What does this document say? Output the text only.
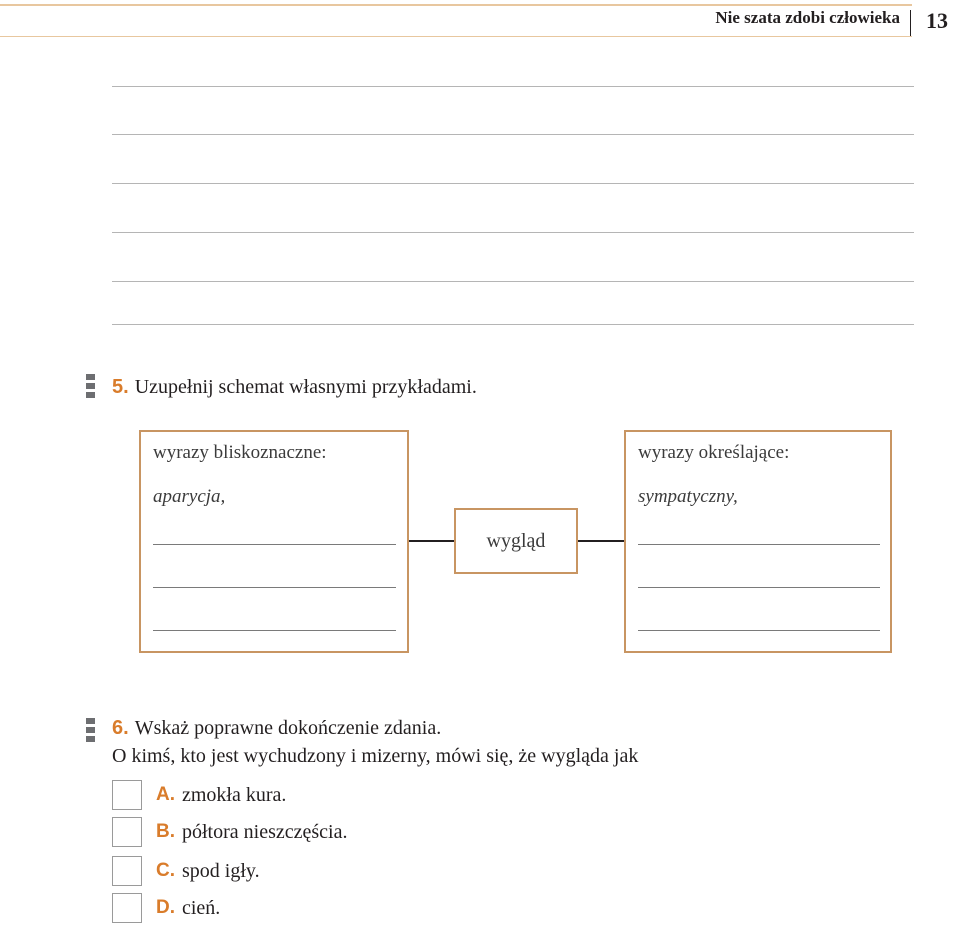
Nie szata zdobi człowieka 13
5. Uzupełnij schemat własnymi przykładami.
wyrazy bliskoznaczne:
aparycja,
wygląd
wyrazy określające:
sympatyczny,
6. Wskaż poprawne dokończenie zdania.
O kimś, kto jest wychudzony i mizerny, mówi się, że wygląda jak
A. zmokła kura.
B. półtora nieszczęścia.
C. spod igły.
D. cień.
